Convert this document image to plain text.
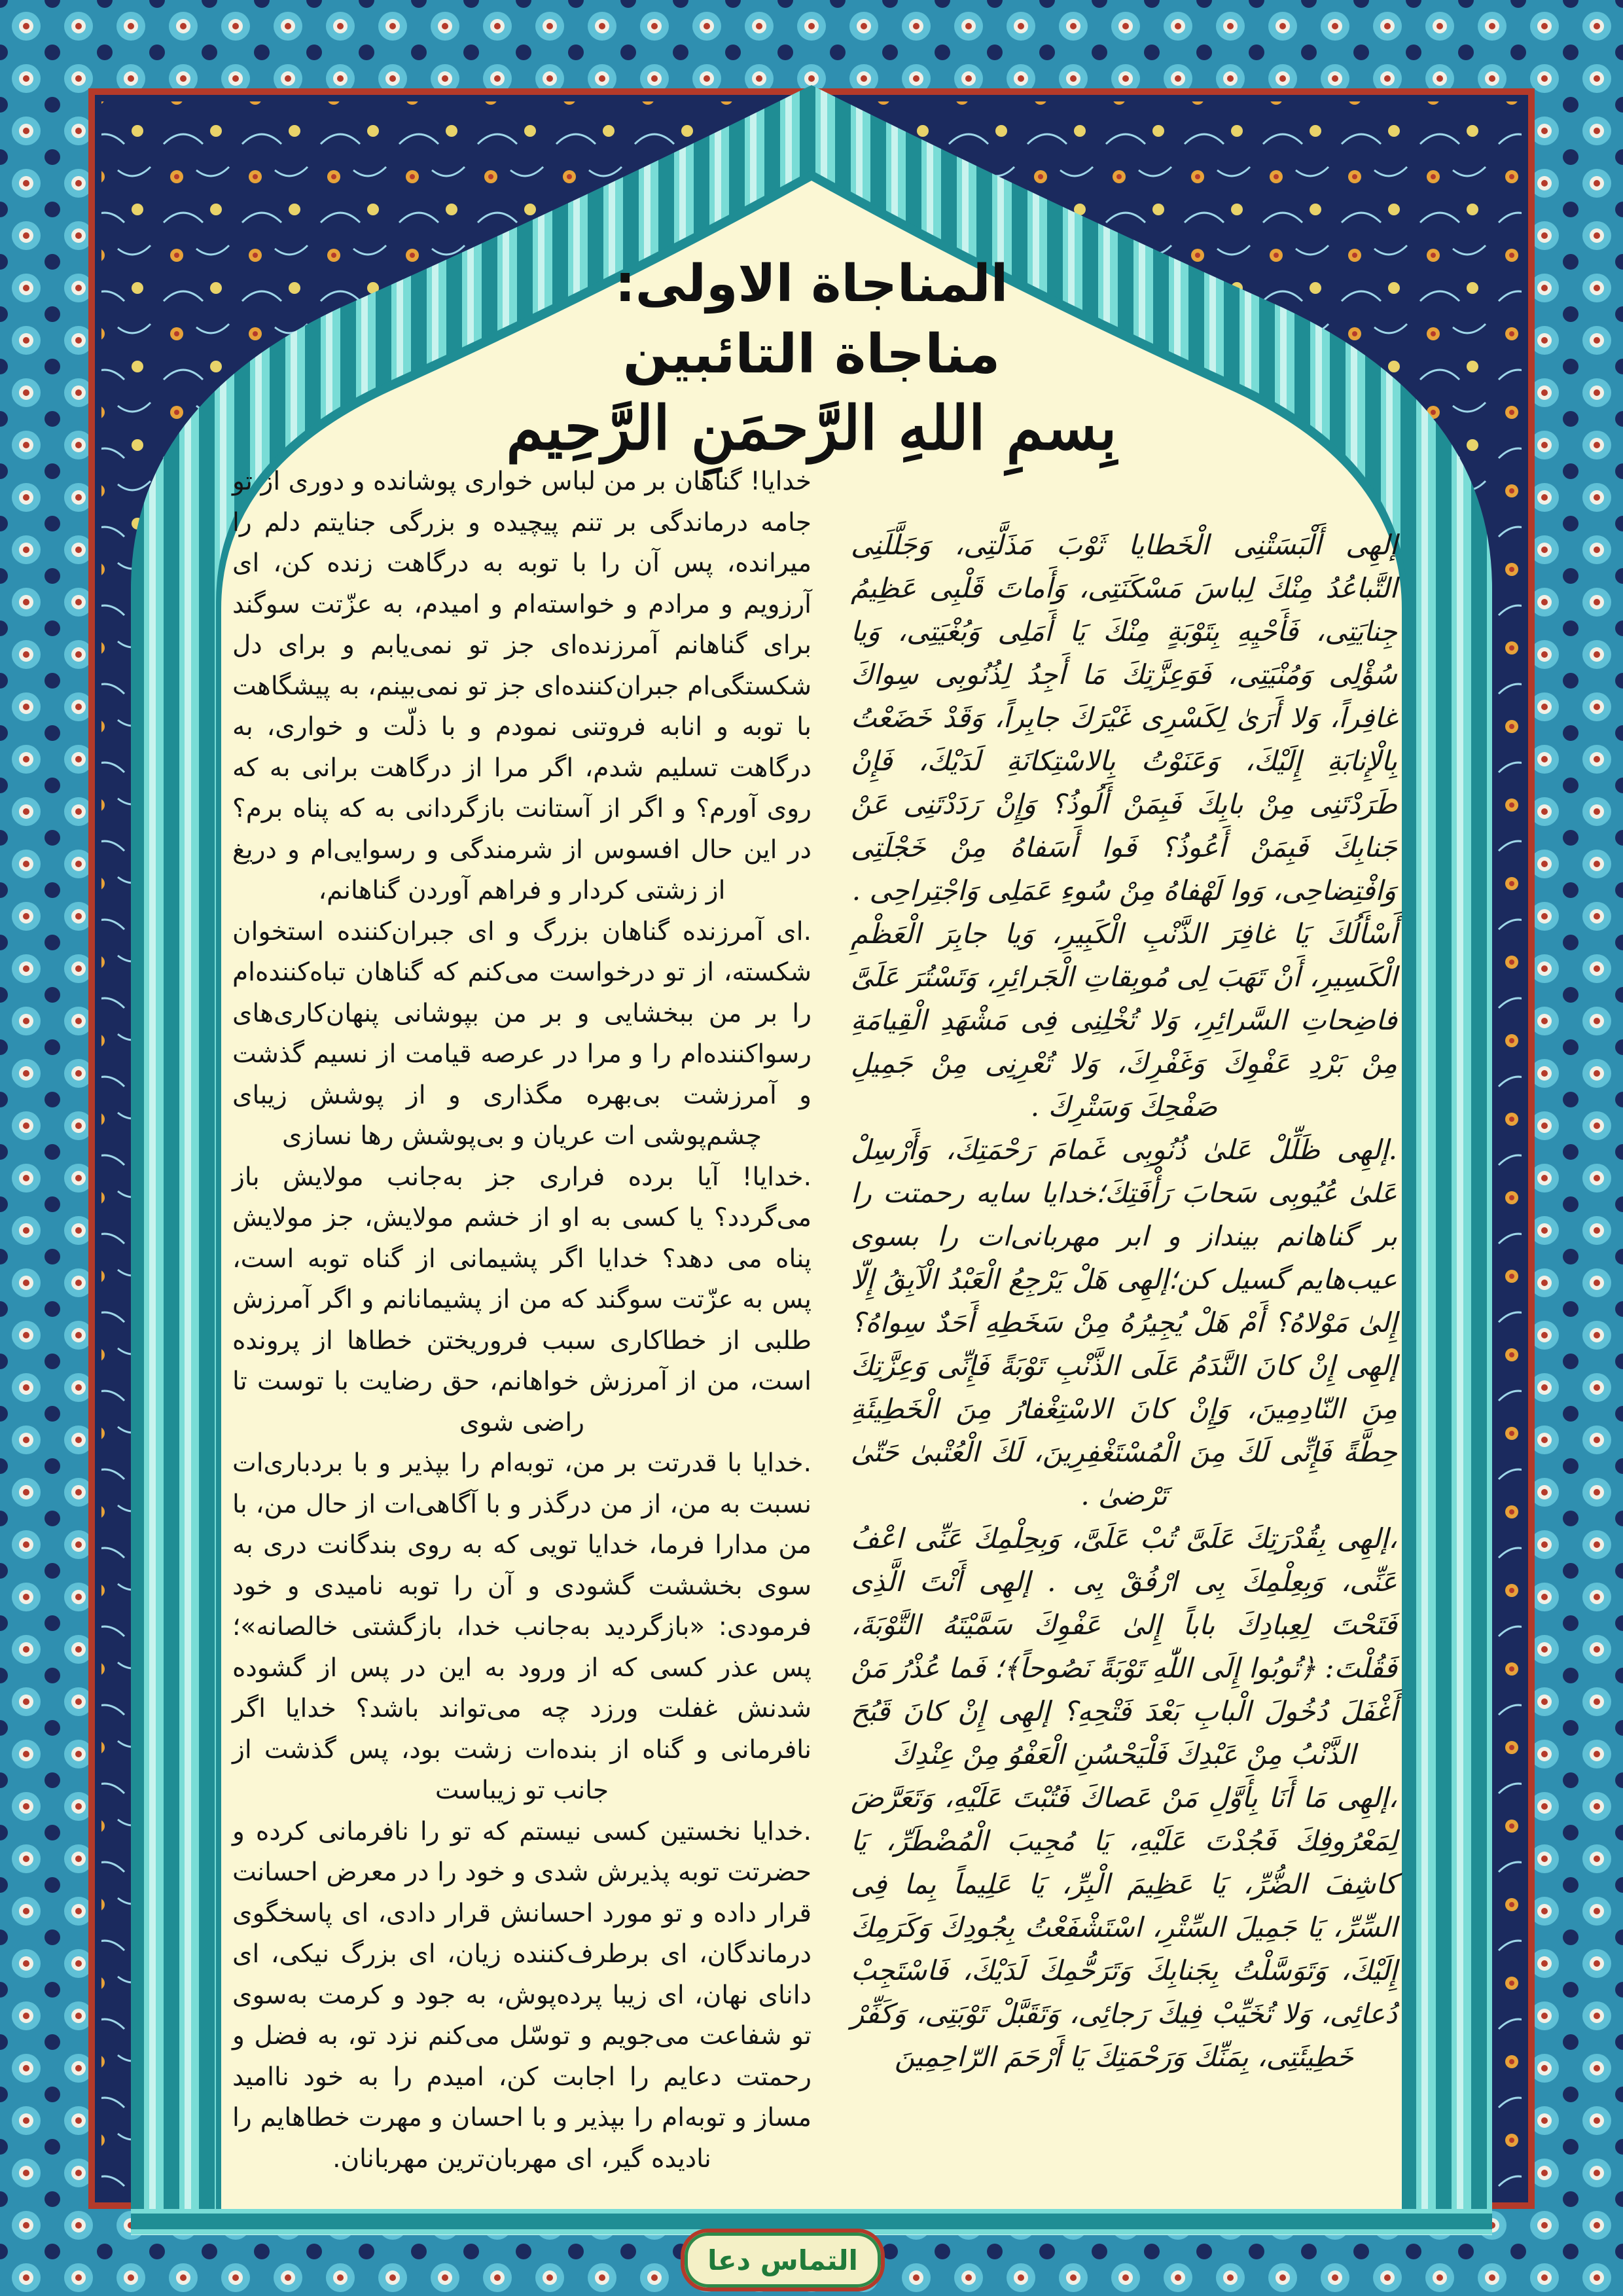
المناجاة الاولی:

مناجاة التائبین

بِسمِ اللهِ الرَّحمَنِ الرَّحِیم

خدایا! گناهان بر من لباس خواری پوشانده و دوری از تو جامه درماندگی بر تنم پیچیده و بزرگی جنایتم دلم را میرانده، پس آن را با توبه به درگاهت زنده کن، ای آرزویم و مرادم و خواسته‌ام و امیدم، به عزّتت سوگند برای گناهانم آمرزنده‌ای جز تو نمی‌یابم و برای دل شکستگی‌ام جبران‌کننده‌ای جز تو نمی‌بینم، به پیشگاهت با توبه و انابه فروتنی نمودم و با ذلّت و خواری، به درگاهت تسلیم شدم، اگر مرا از درگاهت برانی به که روی آورم؟ و اگر از آستانت بازگردانی به که پناه برم؟ در این حال افسوس از شرمندگی و رسوایی‌ام و دریغ از زشتی کردار و فراهم آوردن گناهانم،

.ای آمرزنده گناهان بزرگ و ای جبران‌کننده استخوان شکسته، از تو درخواست می‌کنم که گناهان تباه‌کننده‌ام را بر من ببخشایی و بر من بپوشانی پنهان‌کاری‌های رسواکننده‌ام را و مرا در عرصه قیامت از نسیم گذشت و آمرزشت بی‌بهره مگذاری و از پوشش زیبای چشم‌پوشی ات عریان و بی‌پوشش رها نسازی

.خدایا! آیا برده فراری جز به‌جانب مولایش باز می‌گردد؟ یا کسی به او از خشم مولایش، جز مولایش پناه می دهد؟ خدایا اگر پشیمانی از گناه توبه است، پس به عزّتت سوگند که من از پشیمانانم و اگر آمرزش طلبی از خطاکاری سبب فروریختن خطاها از پرونده است، من از آمرزش خواهانم، حق رضایت با توست تا راضی شوی

.خدایا با قدرتت بر من، توبه‌ام را بپذیر و با بردباری‌ات نسبت به من، از من درگذر و با آگاهی‌ات از حال من، با من مدارا فرما، خدایا تویی که به روی بندگانت دری به سوی بخششت گشودی و آن را توبه نامیدی و خود فرمودی: «بازگردید به‌جانب خدا، بازگشتی خالصانه»؛ پس عذر کسی که از ورود به این در پس از گشوده شدنش غفلت ورزد چه می‌تواند باشد؟ خدایا اگر نافرمانی و گناه از بنده‌ات زشت بود، پس گذشت از جانب تو زیباست

.خدایا نخستین کسی نیستم که تو را نافرمانی کرده و حضرتت توبه پذیرش شدی و خود را در معرض احسانت قرار داده و تو مورد احسانش قرار دادی، ای پاسخگوی درماندگان، ای برطرف‌کننده زیان، ای بزرگ نیکی، ای دانای نهان، ای زیبا پرده‌پوش، به جود و کرمت به‌سوی تو شفاعت می‌جویم و توسّل می‌کنم نزد تو، به فضل و رحمتت دعایم را اجابت کن، امیدم را به خود ناامید مساز و توبه‌ام را بپذیر و با احسان و مهرت خطاهایم را نادیده گیر، ای مهربان‌ترین مهربانان.

إلهِی أَلْبَسَتْنِی الْخَطایا ثَوْبَ مَذَلَّتِی، وَجَلَّلَنِی التَّباعُدُ مِنْكَ لِباسَ مَسْكَنَتِی، وَأَماتَ قَلْبِی عَظِیمُ جِنایَتِی، فَأَحْیِهِ بِتَوْبَةٍ مِنْكَ یَا أَمَلِی وَبُغْیَتِی، وَیا سُؤْلِی وَمُنْیَتِی، فَوَعِزَّتِكَ مَا أَجِدُ لِذُنُوبِی سِواكَ غافِراً، وَلا أَرَیٰ لِكَسْرِی غَیْرَكَ جابِراً، وَقَدْ خَضَعْتُ بِالْإِنابَةِ إِلَیْكَ، وَعَنَوْتُ بِالاسْتِكانَةِ لَدَیْكَ، فَإِنْ طَرَدْتَنِی مِنْ بابِكَ فَبِمَنْ أَلُوذُ؟ وَإِنْ رَدَدْتَنِی عَنْ جَنابِكَ فَبِمَنْ أَعُوذُ؟ فَوا أَسَفاهُ مِنْ خَجْلَتِی وَافْتِضاحِی، وَوا لَهْفاهُ مِنْ سُوءِ عَمَلِی وَاجْتِراحِی .

أَسْأَلُكَ یَا غافِرَ الذَّنْبِ الْكَبِیرِ، وَیا جابِرَ الْعَظْمِ الْكَسِیرِ، أَنْ تَهَبَ لِی مُوبِقاتِ الْجَرائِرِ، وَتَسْتُرَ عَلَیَّ فاضِحاتِ السَّرائِرِ، وَلا تُخْلِنِی فِی مَشْهَدِ الْقِیامَةِ مِنْ بَرْدِ عَفْوِكَ وَغَفْرِكَ، وَلا تُعْرِنِی مِنْ جَمِیلِ صَفْحِكَ وَسَتْرِكَ .

.إلهِی ظَلِّلْ عَلیٰ ذُنُوبِی غَمامَ رَحْمَتِكَ، وَأَرْسِلْ عَلیٰ عُیُوبِی سَحابَ رَأْفَتِكَ؛خدایا سایه رحمتت را بر گناهانم بینداز و ابر مهربانی‌ات را بسوی عیب‌هایم گسیل کن؛إلهِی هَلْ یَرْجِعُ الْعَبْدُ الْآبِقُ إِلّا إِلیٰ مَوْلاهُ؟ أَمْ هَلْ یُجِیرُهُ مِنْ سَخَطِهِ أَحَدٌ سِواهُ؟ إلهِی إِنْ كانَ النَّدَمُ عَلَی الذَّنْبِ تَوْبَةً فَإِنِّی وَعِزَّتِكَ مِنَ النّادِمِینَ، وَإِنْ كانَ الاسْتِغْفارُ مِنَ الْخَطِیئَةِ حِطَّةً فَإِنِّی لَكَ مِنَ الْمُسْتَغْفِرِینَ، لَكَ الْعُتْبیٰ حَتّیٰ تَرْضیٰ .

،إلهِی بِقُدْرَتِكَ عَلَیَّ تُبْ عَلَیَّ، وَبِحِلْمِكَ عَنِّی اعْفُ عَنِّی، وَبِعِلْمِكَ بِی ارْفُقْ بِی . إلهِی أَنْتَ الَّذِی فَتَحْتَ لِعِبادِكَ باباً إِلیٰ عَفْوِكَ سَمَّیْتَهُ التَّوْبَةَ، فَقُلْتَ: ﴿تُوبُوا إِلَی اللّٰهِ تَوْبَةً نَصُوحاً﴾؛ فَما عُذْرُ مَنْ أَغْفَلَ دُخُولَ الْبابِ بَعْدَ فَتْحِهِ؟ إلهِی إِنْ كانَ قَبُحَ الذَّنْبُ مِنْ عَبْدِكَ فَلْیَحْسُنِ الْعَفْوُ مِنْ عِنْدِكَ

،إلهِی مَا أَنَا بِأَوَّلِ مَنْ عَصاكَ فَتُبْتَ عَلَیْهِ، وَتَعَرَّضَ لِمَعْرُوفِكَ فَجُدْتَ عَلَیْهِ، یَا مُجِیبَ الْمُضْطَرِّ، یَا كاشِفَ الضُّرِّ، یَا عَظِیمَ الْبِرِّ، یَا عَلِیماً بِما فِی السِّرِّ، یَا جَمِیلَ السِّتْرِ، اسْتَشْفَعْتُ بِجُودِكَ وَكَرَمِكَ إِلَیْكَ، وَتَوَسَّلْتُ بِجَنابِكَ وَتَرَحُّمِكَ لَدَیْكَ، فَاسْتَجِبْ دُعائِی، وَلا تُخَیِّبْ فِیكَ رَجائِی، وَتَقَبَّلْ تَوْبَتِی، وَكَفِّرْ خَطِیئَتِی، بِمَنِّكَ وَرَحْمَتِكَ یَا أَرْحَمَ الرّاحِمِینَ

التماس دعا
